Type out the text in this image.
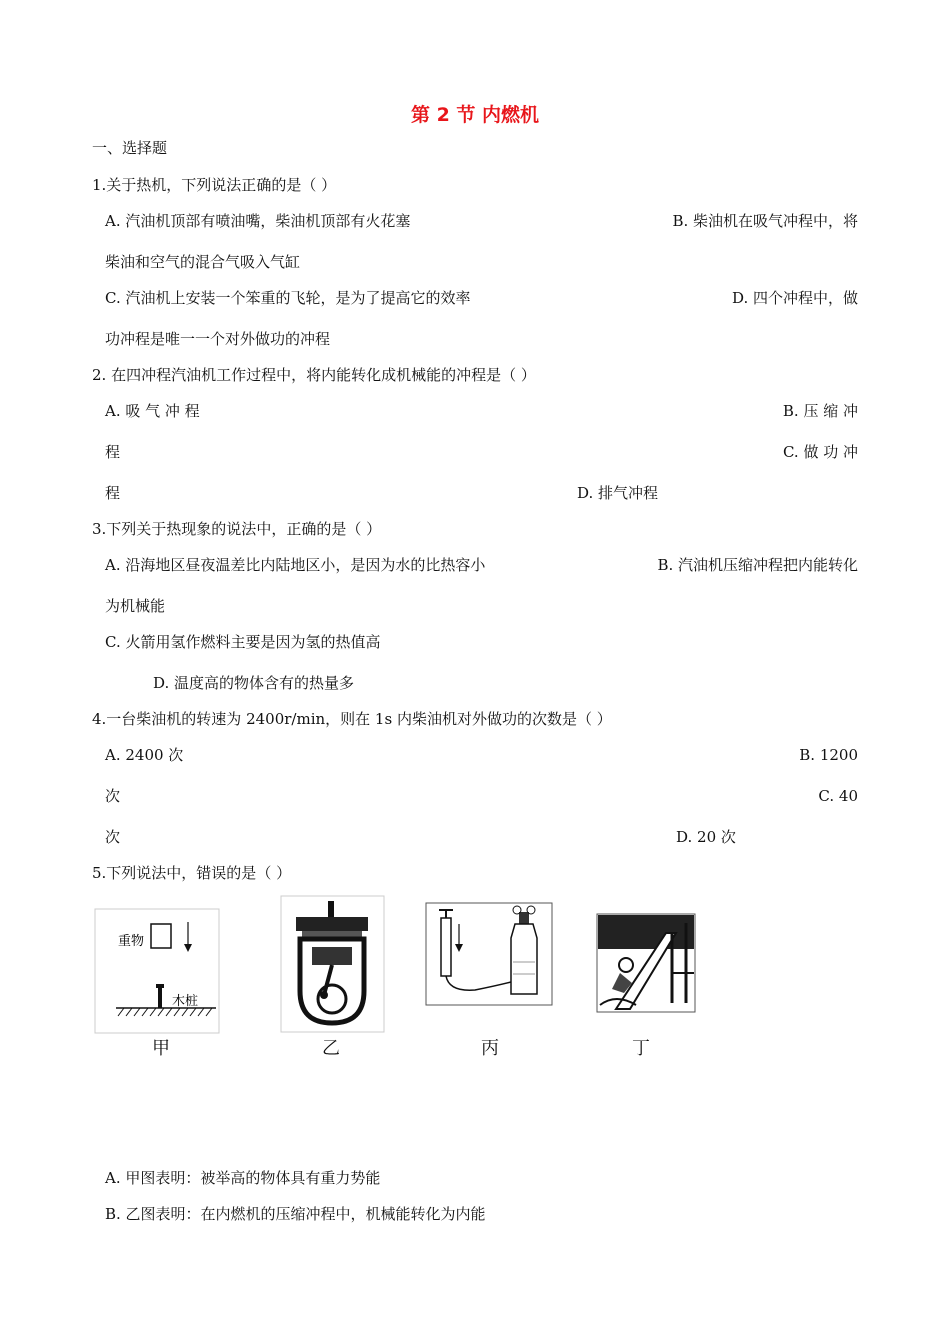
第 2 节 内燃机
一、选择题
1.关于热机，下列说法正确的是（ ）
A. 汽油机顶部有喷油嘴，柴油机顶部有火花塞	B. 柴油机在吸气冲程中，将
柴油和空气的混合气吸入气缸
C. 汽油机上安装一个笨重的飞轮，是为了提高它的效率	D. 四个冲程中，做
功冲程是唯一一个对外做功的冲程
2. 在四冲程汽油机工作过程中，将内能转化成机械能的冲程是（ ）
A. 吸 气 冲 程	B. 压 缩 冲
程	C. 做 功 冲
程	D. 排气冲程
3.下列关于热现象的说法中，正确的是（ ）
A. 沿海地区昼夜温差比内陆地区小，是因为水的比热容小	B. 汽油机压缩冲程把内能转化
为机械能
C. 火箭用氢作燃料主要是因为氢的热值高
D. 温度高的物体含有的热量多
4.一台柴油机的转速为 2400r/min，则在 1s 内柴油机对外做功的次数是（ ）
A. 2400 次	B. 1200
次	C. 40
次	D. 20 次
5.下列说法中，错误的是（ ）
重物
木桩
甲	乙	丙	丁
A. 甲图表明：被举高的物体具有重力势能
B. 乙图表明：在内燃机的压缩冲程中，机械能转化为内能
